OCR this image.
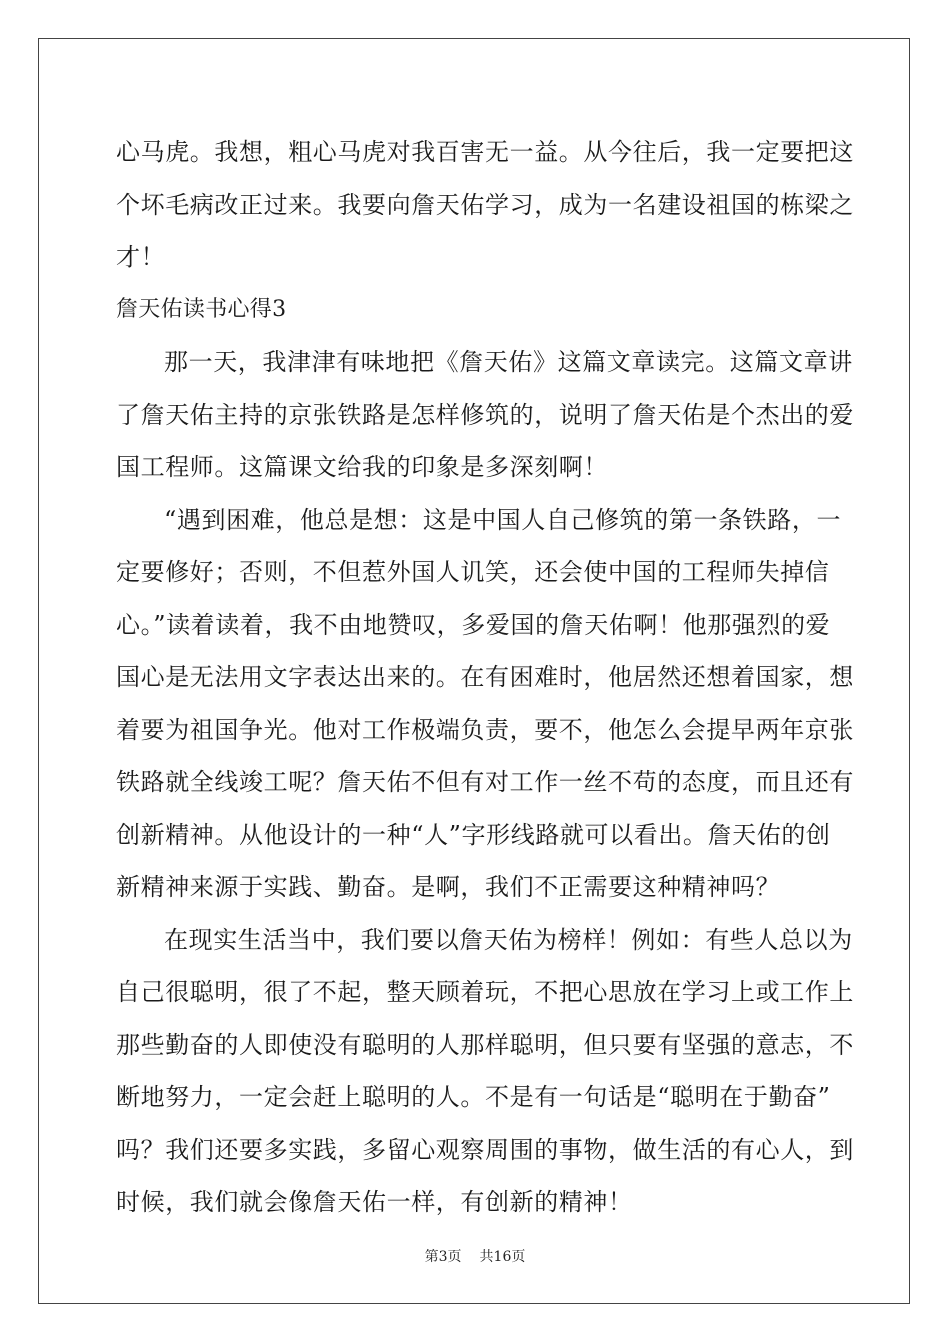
心马虎。我想，粗心马虎对我百害无一益。从今往后，我一定要把这
个坏毛病改正过来。我要向詹天佑学习，成为一名建设祖国的栋梁之
才！
詹天佑读书心得3
那一天，我津津有味地把《詹天佑》这篇文章读完。这篇文章讲
了詹天佑主持的京张铁路是怎样修筑的，说明了詹天佑是个杰出的爱
国工程师。这篇课文给我的印象是多深刻啊！
“遇到困难，他总是想：这是中国人自己修筑的第一条铁路，一
定要修好；否则，不但惹外国人讥笑，还会使中国的工程师失掉信
心。”读着读着，我不由地赞叹，多爱国的詹天佑啊！他那强烈的爱
国心是无法用文字表达出来的。在有困难时，他居然还想着国家，想
着要为祖国争光。他对工作极端负责，要不，他怎么会提早两年京张
铁路就全线竣工呢？詹天佑不但有对工作一丝不苟的态度，而且还有
创新精神。从他设计的一种“人”字形线路就可以看出。詹天佑的创
新精神来源于实践、勤奋。是啊，我们不正需要这种精神吗？
在现实生活当中，我们要以詹天佑为榜样！例如：有些人总以为
自己很聪明，很了不起，整天顾着玩，不把心思放在学习上或工作上
那些勤奋的人即使没有聪明的人那样聪明，但只要有坚强的意志，不
断地努力，一定会赶上聪明的人。不是有一句话是“聪明在于勤奋”
吗？我们还要多实践，多留心观察周围的事物，做生活的有心人，到
时候，我们就会像詹天佑一样，有创新的精神！
第3页 共16页
